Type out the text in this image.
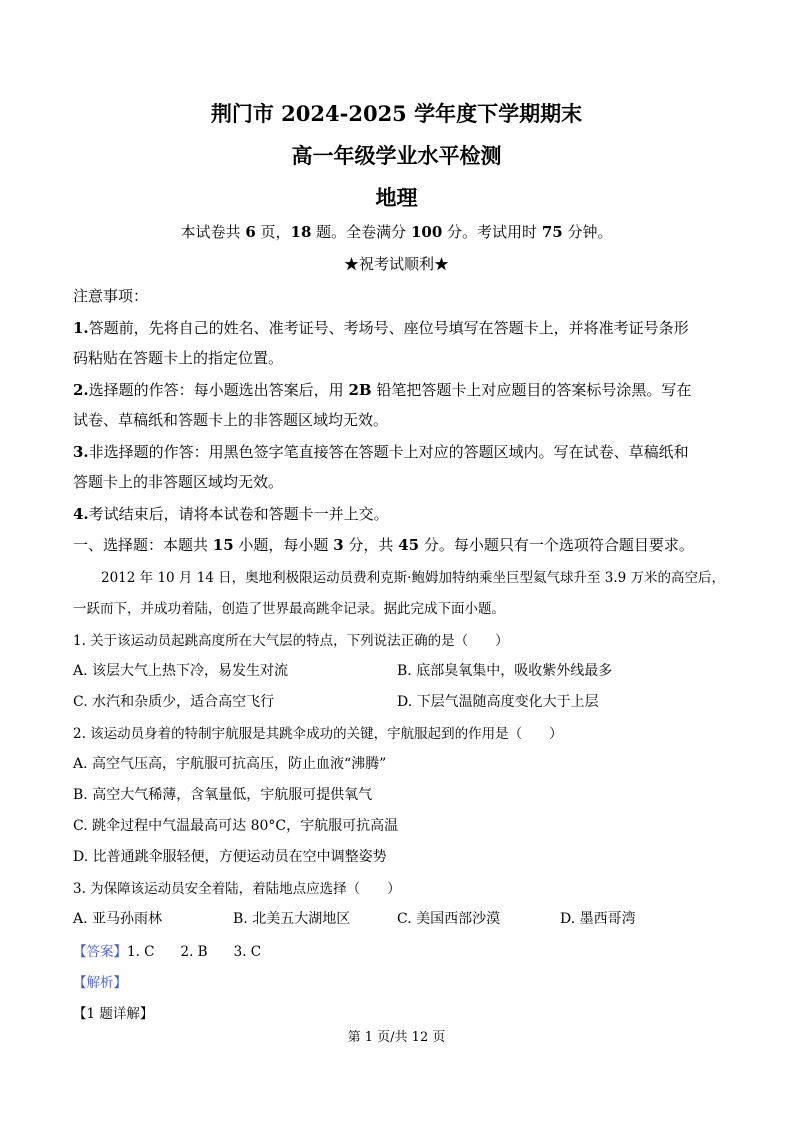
荆门市 2024-2025 学年度下学期期末
高一年级学业水平检测
地理
本试卷共 6 页，18 题。全卷满分 100 分。考试用时 75 分钟。
★祝考试顺利★
注意事项：
1.答题前，先将自己的姓名、准考证号、考场号、座位号填写在答题卡上，并将准考证号条形
码粘贴在答题卡上的指定位置。
2.选择题的作答：每小题选出答案后，用 2B 铅笔把答题卡上对应题目的答案标号涂黑。写在
试卷、草稿纸和答题卡上的非答题区域均无效。
3.非选择题的作答：用黑色签字笔直接答在答题卡上对应的答题区域内。写在试卷、草稿纸和
答题卡上的非答题区域均无效。
4.考试结束后，请将本试卷和答题卡一并上交。
一、选择题：本题共 15 小题，每小题 3 分，共 45 分。每小题只有一个选项符合题目要求。
2012 年 10 月 14 日，奥地利极限运动员费利克斯·鲍姆加特纳乘坐巨型氦气球升至 3.9 万米的高空后，
一跃而下，并成功着陆，创造了世界最高跳伞记录。据此完成下面小题。
1. 关于该运动员起跳高度所在大气层的特点，下列说法正确的是（　　）
A. 该层大气上热下冷，易发生对流	B. 底部臭氧集中，吸收紫外线最多
C. 水汽和杂质少，适合高空飞行	D. 下层气温随高度变化大于上层
2. 该运动员身着的特制宇航服是其跳伞成功的关键，宇航服起到的作用是（　　）
A. 高空气压高，宇航服可抗高压，防止血液“沸腾”
B. 高空大气稀薄，含氧量低，宇航服可提供氧气
C. 跳伞过程中气温最高可达 80°C，宇航服可抗高温
D. 比普通跳伞服轻便，方便运动员在空中调整姿势
3. 为保障该运动员安全着陆，着陆地点应选择（　　）
A. 亚马孙雨林	B. 北美五大湖地区	C. 美国西部沙漠	D. 墨西哥湾
【答案】1. C 2. B 3. C
【解析】
【1 题详解】
第 1 页/共 12 页
